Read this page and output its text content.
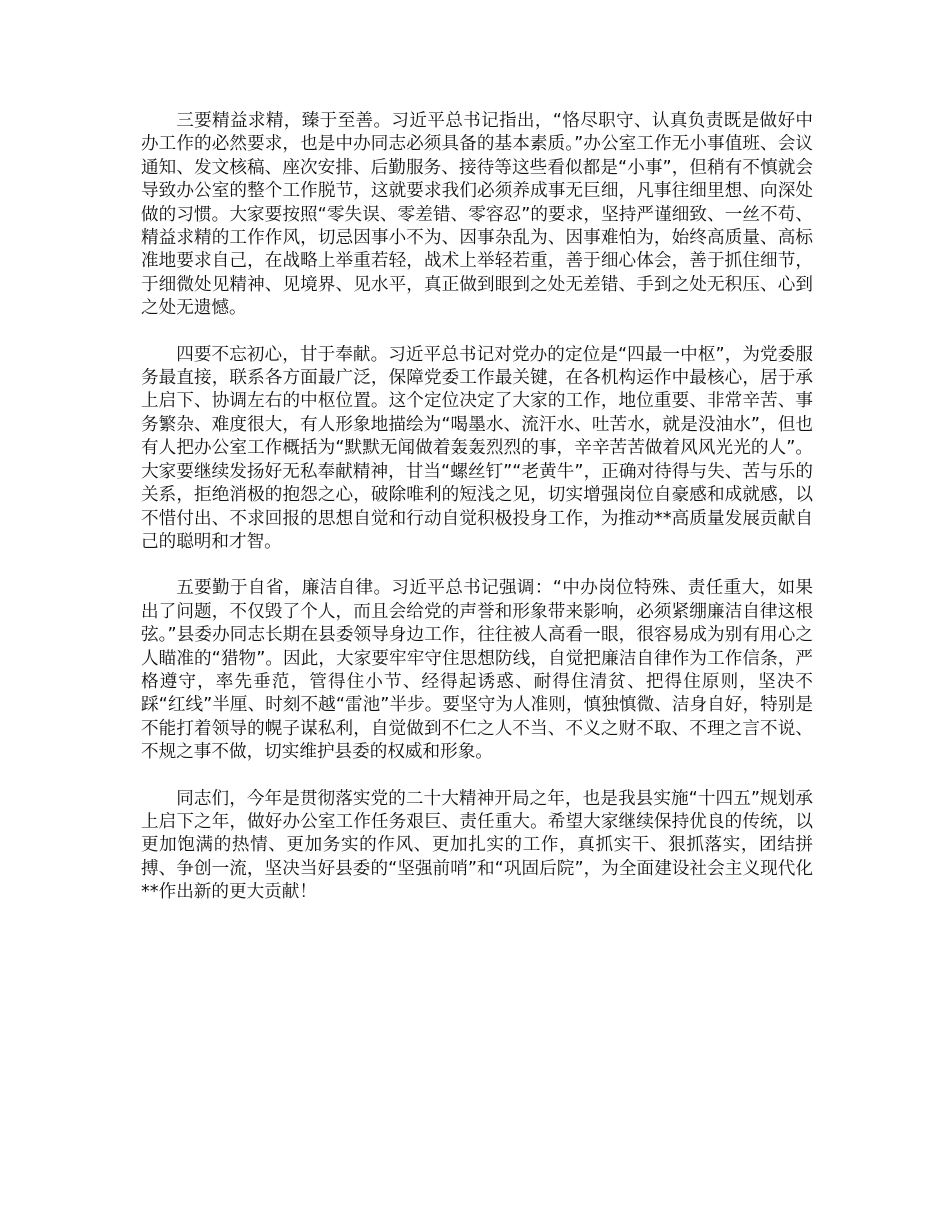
三要精益求精，臻于至善。习近平总书记指出，“恪尽职守、认真负责既是做好中办工作的必然要求，也是中办同志必须具备的基本素质。”办公室工作无小事值班、会议通知、发文核稿、座次安排、后勤服务、接待等这些看似都是“小事”，但稍有不慎就会导致办公室的整个工作脱节，这就要求我们必须养成事无巨细，凡事往细里想、向深处做的习惯。大家要按照“零失误、零差错、零容忍”的要求，坚持严谨细致、一丝不苟、精益求精的工作作风，切忌因事小不为、因事杂乱为、因事难怕为，始终高质量、高标准地要求自己，在战略上举重若轻，战术上举轻若重，善于细心体会，善于抓住细节，于细微处见精神、见境界、见水平，真正做到眼到之处无差错、手到之处无积压、心到之处无遗憾。

四要不忘初心，甘于奉献。习近平总书记对党办的定位是“四最一中枢”，为党委服务最直接，联系各方面最广泛，保障党委工作最关键，在各机构运作中最核心，居于承上启下、协调左右的中枢位置。这个定位决定了大家的工作，地位重要、非常辛苦、事务繁杂、难度很大，有人形象地描绘为“喝墨水、流汗水、吐苦水，就是没油水”，但也有人把办公室工作概括为“默默无闻做着轰轰烈烈的事，辛辛苦苦做着风风光光的人”。大家要继续发扬好无私奉献精神，甘当“螺丝钉”“老黄牛”，正确对待得与失、苦与乐的关系，拒绝消极的抱怨之心，破除唯利的短浅之见，切实增强岗位自豪感和成就感，以不惜付出、不求回报的思想自觉和行动自觉积极投身工作，为推动**高质量发展贡献自己的聪明和才智。

五要勤于自省，廉洁自律。习近平总书记强调：“中办岗位特殊、责任重大，如果出了问题，不仅毁了个人，而且会给党的声誉和形象带来影响，必须紧绷廉洁自律这根弦。”县委办同志长期在县委领导身边工作，往往被人高看一眼，很容易成为别有用心之人瞄准的“猎物”。因此，大家要牢牢守住思想防线，自觉把廉洁自律作为工作信条，严格遵守，率先垂范，管得住小节、经得起诱惑、耐得住清贫、把得住原则，坚决不踩“红线”半厘、时刻不越“雷池”半步。要坚守为人准则，慎独慎微、洁身自好，特别是不能打着领导的幌子谋私利，自觉做到不仁之人不当、不义之财不取、不理之言不说、不规之事不做，切实维护县委的权威和形象。

同志们，今年是贯彻落实党的二十大精神开局之年，也是我县实施“十四五”规划承上启下之年，做好办公室工作任务艰巨、责任重大。希望大家继续保持优良的传统，以更加饱满的热情、更加务实的作风、更加扎实的工作，真抓实干、狠抓落实，团结拼搏、争创一流，坚决当好县委的“坚强前哨”和“巩固后院”，为全面建设社会主义现代化**作出新的更大贡献！
